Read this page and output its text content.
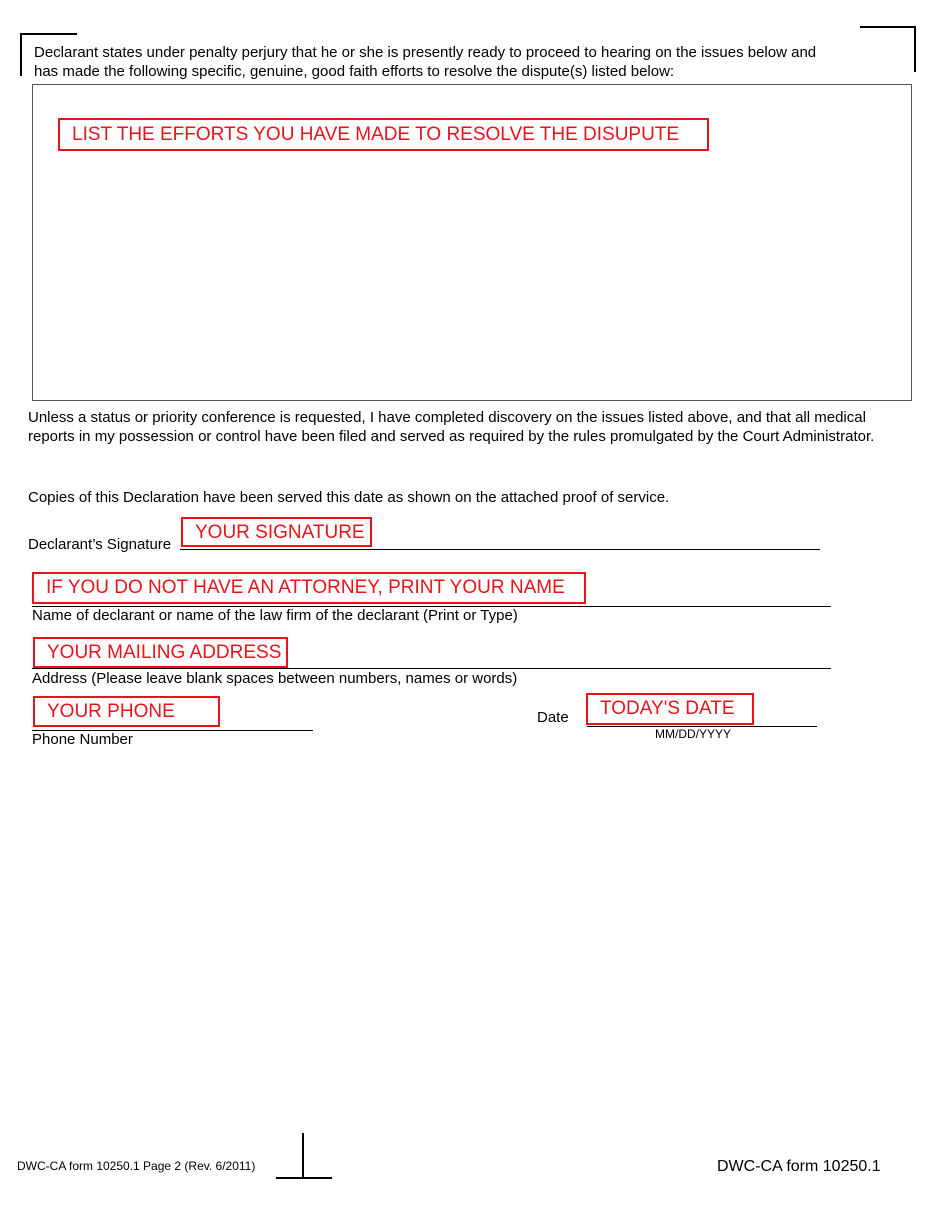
Declarant states under penalty perjury that he or she is presently ready to proceed to hearing on the issues below and
has made the following specific, genuine, good faith efforts to resolve the dispute(s) listed below:
LIST THE EFFORTS YOU HAVE MADE TO RESOLVE THE DISUPUTE
Unless a status or priority conference is requested, I have completed discovery on the issues listed above, and that all medical
reports in my possession or control have been filed and served as required by the rules promulgated by the Court Administrator.
Copies of this Declaration have been served this date as shown on the attached proof of service.
Declarant’s Signature
YOUR SIGNATURE
IF YOU DO NOT HAVE AN ATTORNEY, PRINT YOUR NAME
Name of declarant or name of the law firm of the declarant (Print or Type)
YOUR MAILING ADDRESS
Address (Please leave blank spaces between numbers, names or words)
YOUR PHONE
Phone Number
Date	TODAY'S DATE
MM/DD/YYYY
DWC-CA form 10250.1 Page 2 (Rev. 6/2011)	DWC-CA form 10250.1
